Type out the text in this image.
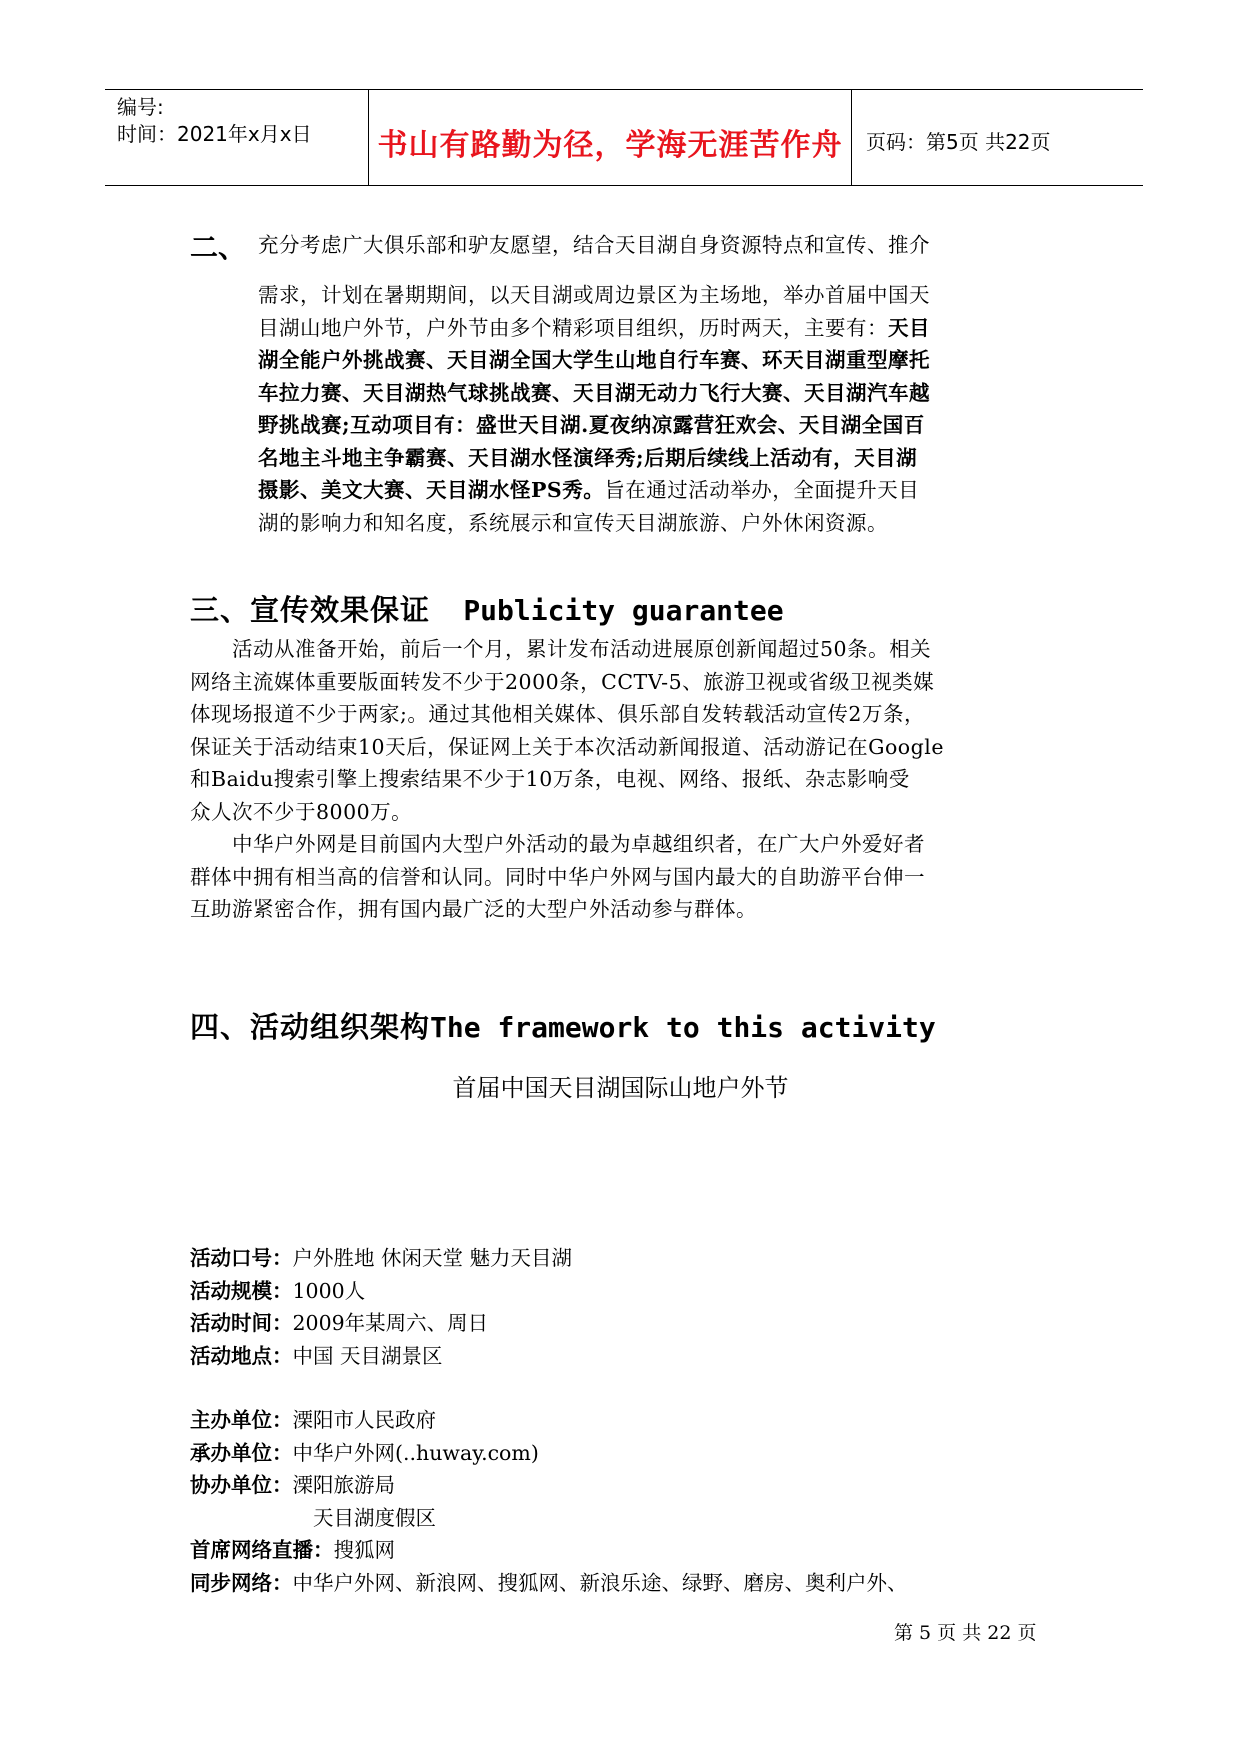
编号:
时间：2021年x月x日 书山有路勤为径，学海无涯苦作舟	页码：第5页 共22页
二、 充分考虑广大俱乐部和驴友愿望，结合天目湖自身资源特点和宣传、推介
需求，计划在暑期期间，以天目湖或周边景区为主场地，举办首届中国天
目湖山地户外节，户外节由多个精彩项目组织，历时两天，主要有：天目
湖全能户外挑战赛、天目湖全国大学生山地自行车赛、环天目湖重型摩托
车拉力赛、天目湖热气球挑战赛、天目湖无动力飞行大赛、天目湖汽车越
野挑战赛;互动项目有：盛世天目湖.夏夜纳凉露营狂欢会、天目湖全国百
名地主斗地主争霸赛、天目湖水怪演绎秀;后期后续线上活动有，天目湖
摄影、美文大赛、天目湖水怪PS秀。旨在通过活动举办，全面提升天目
湖的影响力和知名度，系统展示和宣传天目湖旅游、户外休闲资源。
三、宣传效果保证 Publicity guarantee
　　活动从准备开始，前后一个月，累计发布活动进展原创新闻超过50条。相关
网络主流媒体重要版面转发不少于2000条，CCTV-5、旅游卫视或省级卫视类媒
体现场报道不少于两家;。通过其他相关媒体、俱乐部自发转载活动宣传2万条，
保证关于活动结束10天后，保证网上关于本次活动新闻报道、活动游记在Google
和Baidu搜索引擎上搜索结果不少于10万条，电视、网络、报纸、杂志影响受
众人次不少于8000万。
　　中华户外网是目前国内大型户外活动的最为卓越组织者，在广大户外爱好者
群体中拥有相当高的信誉和认同。同时中华户外网与国内最大的自助游平台伸一
互助游紧密合作，拥有国内最广泛的大型户外活动参与群体。
四、活动组织架构The framework to this activity
首届中国天目湖国际山地户外节
活动口号：户外胜地 休闲天堂 魅力天目湖
活动规模：1000人
活动时间：2009年某周六、周日
活动地点：中国 天目湖景区
主办单位：溧阳市人民政府
承办单位：中华户外网(..huway.com)
协办单位：溧阳旅游局
天目湖度假区
首席网络直播：搜狐网
同步网络：中华户外网、新浪网、搜狐网、新浪乐途、绿野、磨房、奥利户外、
第 5 页 共 22 页
